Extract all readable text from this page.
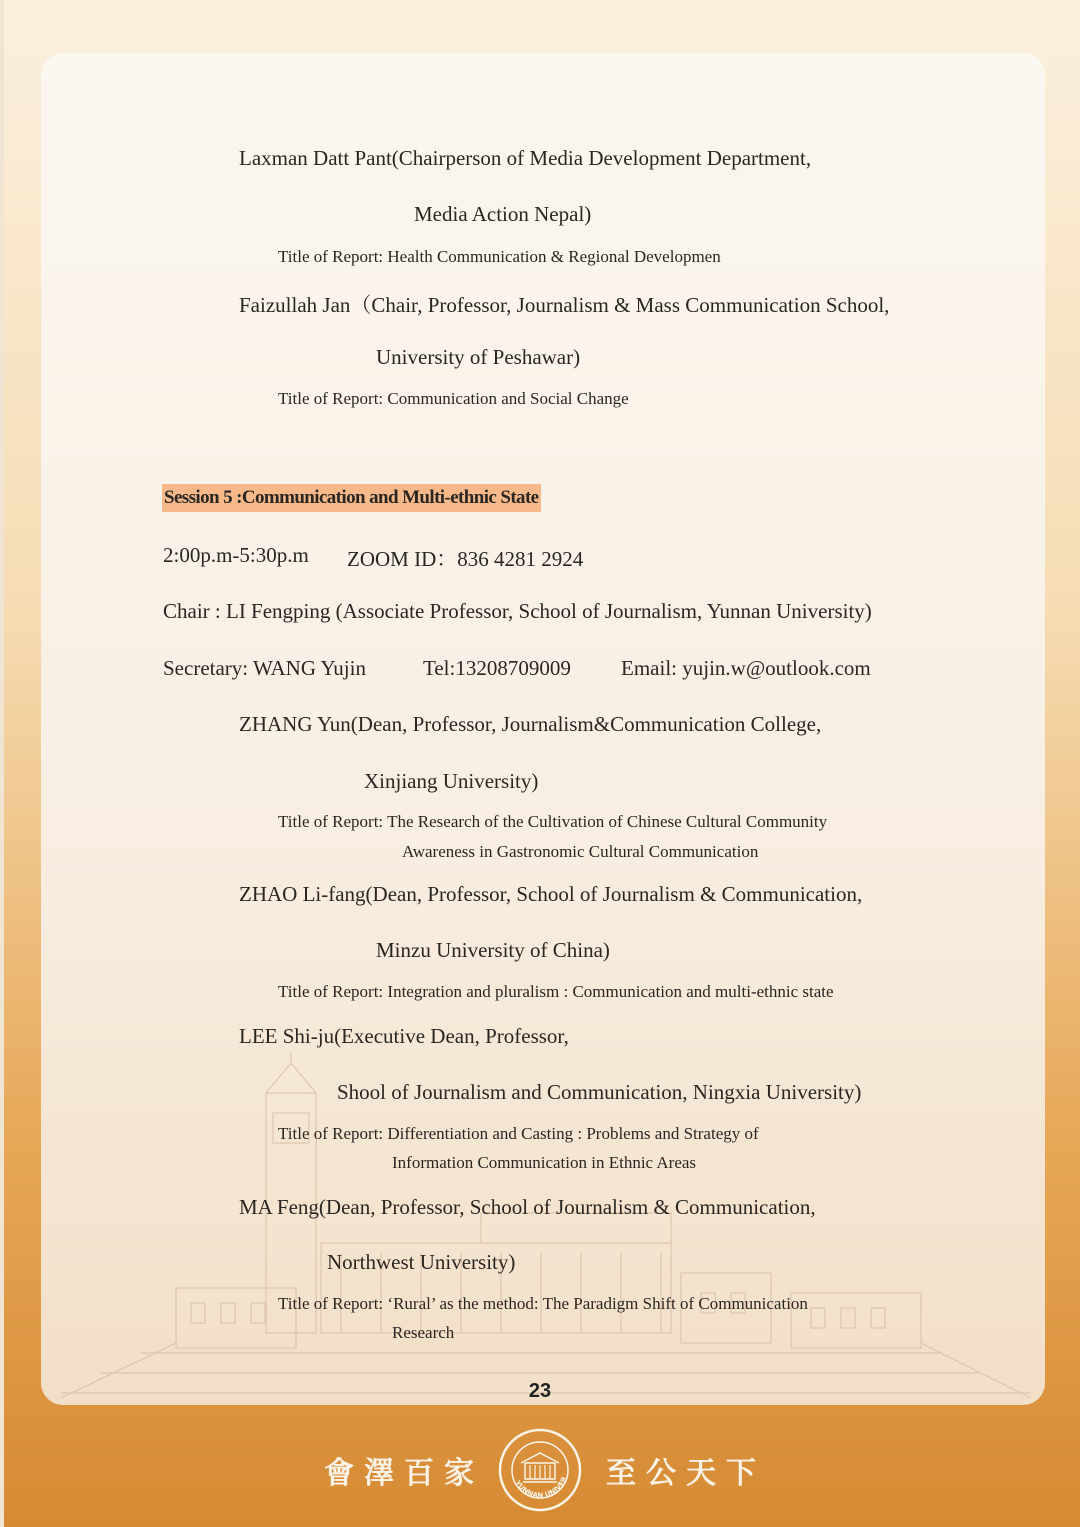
Laxman Datt Pant(Chairperson of Media Development Department,
Media Action Nepal)
Title of Report: Health Communication & Regional Developmen
Faizullah Jan（Chair, Professor, Journalism & Mass Communication School,
University of Peshawar)
Title of Report: Communication and Social Change
Session 5 :Communication and Multi-ethnic State
2:00p.m-5:30p.m ZOOM ID：836 4281 2924
Chair : LI Fengping (Associate Professor, School of Journalism, Yunnan University)
Secretary: WANG Yujin	Tel:13208709009 Email: yujin.w@outlook.com
ZHANG Yun(Dean, Professor, Journalism&Communication College,
Xinjiang University)
Title of Report: The Research of the Cultivation of Chinese Cultural Community
Awareness in Gastronomic Cultural Communication
ZHAO Li-fang(Dean, Professor, School of Journalism & Communication,
Minzu University of China)
Title of Report: Integration and pluralism : Communication and multi-ethnic state
LEE Shi-ju(Executive Dean, Professor,
Shool of Journalism and Communication, Ningxia University)
Title of Report: Differentiation and Casting : Problems and Strategy of
Information Communication in Ethnic Areas
MA Feng(Dean, Professor, School of Journalism & Communication,
Northwest University)
Title of Report: ‘Rural’ as the method: The Paradigm Shift of Communication
Research
23
會澤百家	YUNNAN UNIVER 至公天下
